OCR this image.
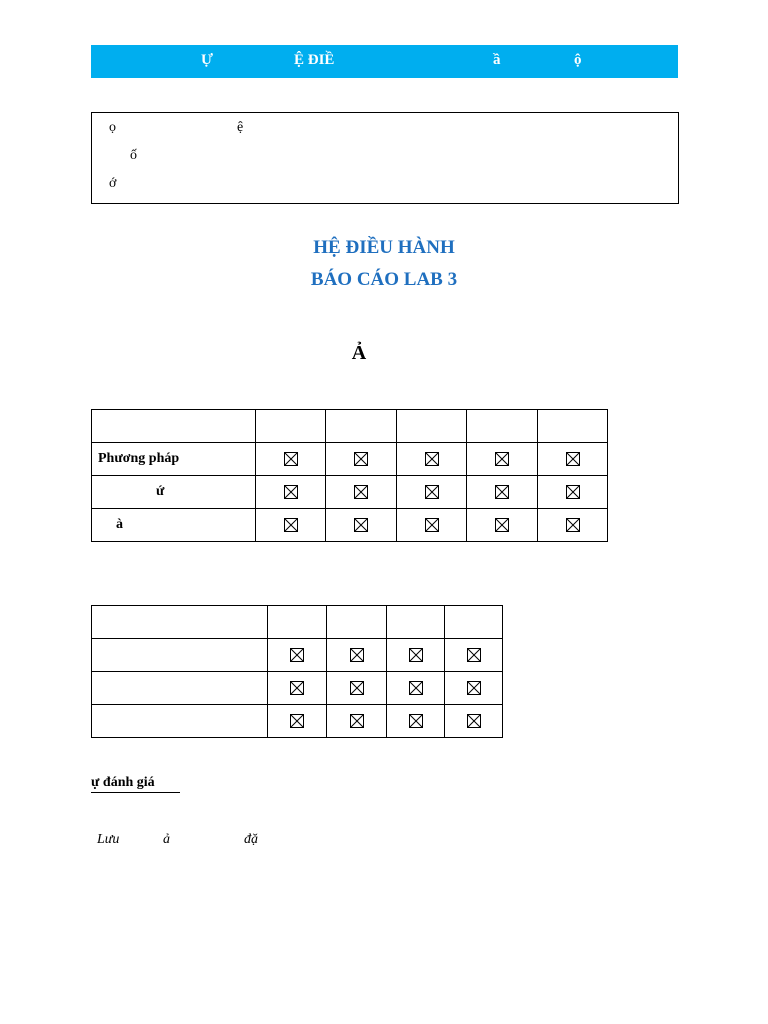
Ự	Ệ ĐIỀ	ầ	ộ
ọ	ệ
ố
ớ
HỆ ĐIỀU HÀNH
BÁO CÁO LAB 3
Ả

Phương pháp	

ứ	

à	

ự đánh giá
Lưu	ả	đặ
